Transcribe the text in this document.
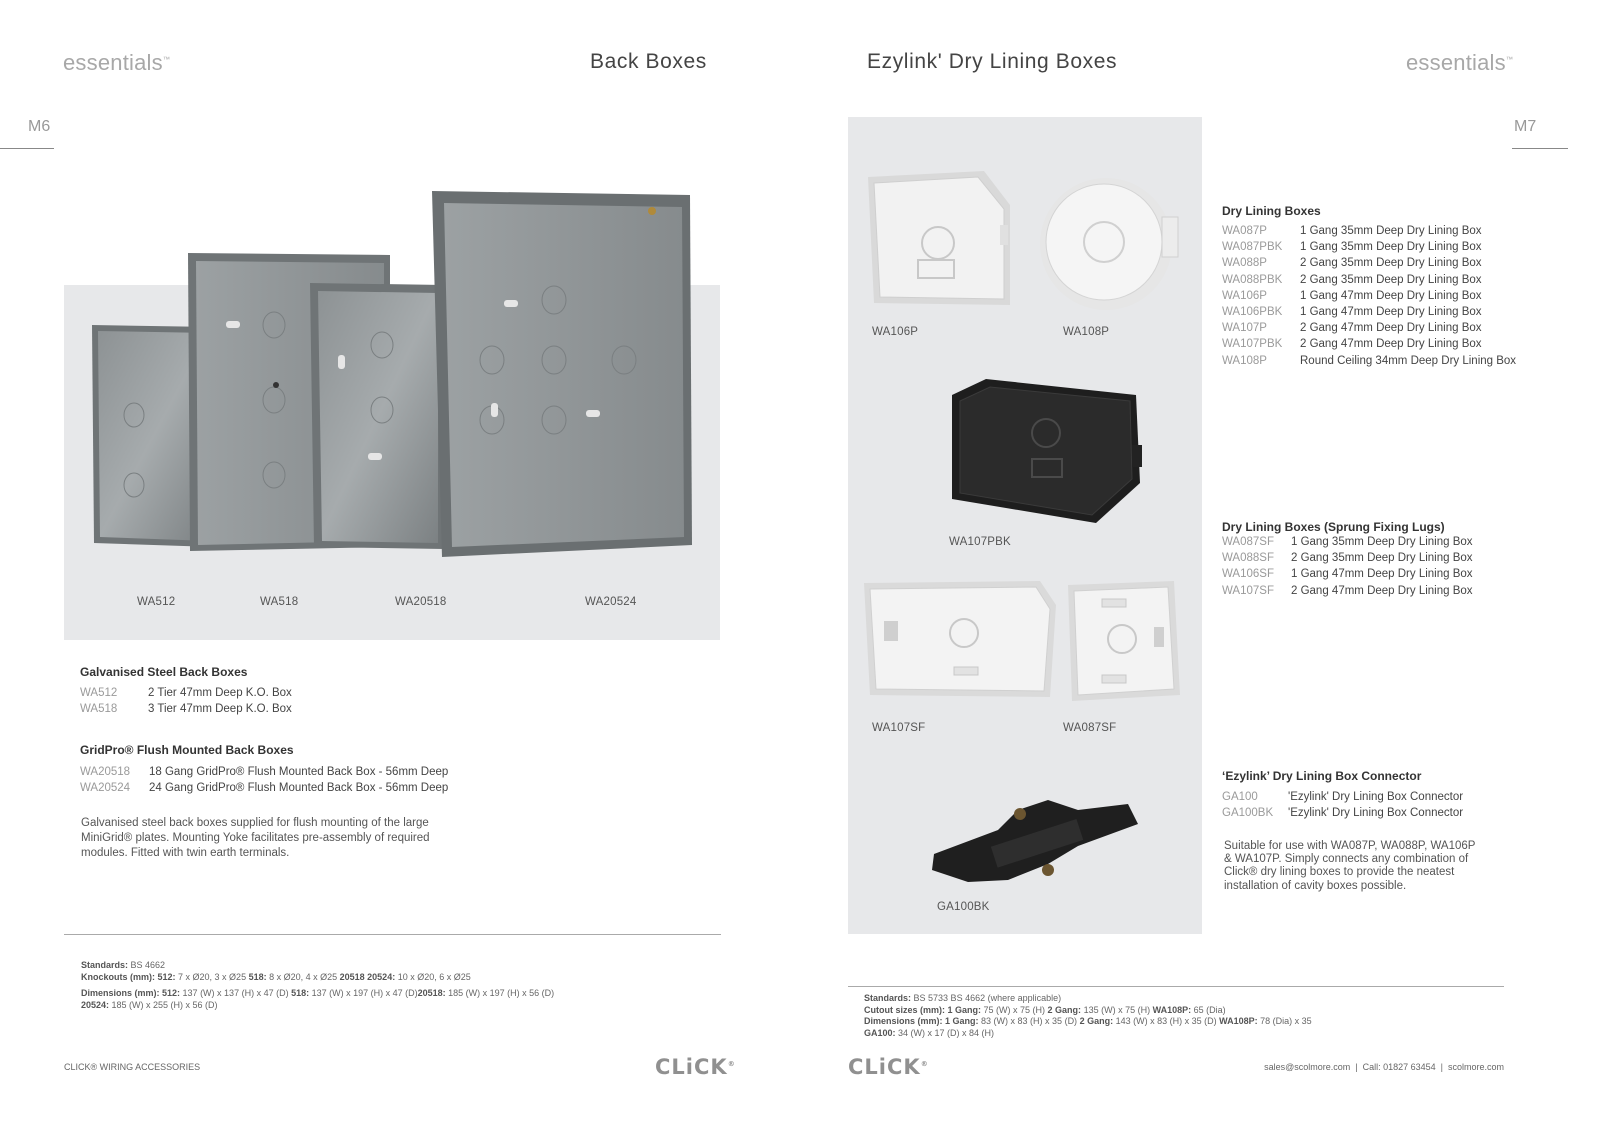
essentials™	Back Boxes
M6
WA512	WA518	WA20518	WA20524
Galvanised Steel Back Boxes
WA512	2 Tier 47mm Deep K.O. Box
WA518	3 Tier 47mm Deep K.O. Box
GridPro® Flush Mounted Back Boxes
WA20518 18 Gang GridPro® Flush Mounted Back Box - 56mm Deep
WA20524 24 Gang GridPro® Flush Mounted Back Box - 56mm Deep
Galvanised steel back boxes supplied for flush mounting of the large MiniGrid® plates. Mounting Yoke facilitates pre-assembly of required modules. Fitted with twin earth terminals.
Standards: BS 4662
Knockouts (mm): 512: 7 x Ø20, 3 x Ø25 518: 8 x Ø20, 4 x Ø25 20518 20524: 10 x Ø20, 6 x Ø25
Dimensions (mm): 512: 137 (W) x 137 (H) x 47 (D) 518: 137 (W) x 197 (H) x 47 (D)20518: 185 (W) x 197 (H) x 56 (D)
20524: 185 (W) x 255 (H) x 56 (D)
CLICK® WIRING ACCESSORIES	CLiCK®
Ezylink' Dry Lining Boxes	essentials™
M7
WA106P	WA108P
WA107PBK
WA107SF	WA087SF
GA100BK
Dry Lining Boxes
WA087P	1 Gang 35mm Deep Dry Lining Box
WA087PBK 1 Gang 35mm Deep Dry Lining Box
WA088P	2 Gang 35mm Deep Dry Lining Box
WA088PBK 2 Gang 35mm Deep Dry Lining Box
WA106P	1 Gang 47mm Deep Dry Lining Box
WA106PBK 1 Gang 47mm Deep Dry Lining Box
WA107P	2 Gang 47mm Deep Dry Lining Box
WA107PBK 2 Gang 47mm Deep Dry Lining Box
WA108P	Round Ceiling 34mm Deep Dry Lining Box
Dry Lining Boxes (Sprung Fixing Lugs)
WA087SF 1 Gang 35mm Deep Dry Lining Box
WA088SF 2 Gang 35mm Deep Dry Lining Box
WA106SF 1 Gang 47mm Deep Dry Lining Box
WA107SF 2 Gang 47mm Deep Dry Lining Box
‘Ezylink’ Dry Lining Box Connector
GA100	'Ezylink' Dry Lining Box Connector
GA100BK 'Ezylink' Dry Lining Box Connector
Suitable for use with WA087P, WA088P, WA106P & WA107P. Simply connects any combination of Click® dry lining boxes to provide the neatest installation of cavity boxes possible.
Standards: BS 5733 BS 4662 (where applicable)
Cutout sizes (mm): 1 Gang: 75 (W) x 75 (H) 2 Gang: 135 (W) x 75 (H) WA108P: 65 (Dia)
Dimensions (mm): 1 Gang: 83 (W) x 83 (H) x 35 (D) 2 Gang: 143 (W) x 83 (H) x 35 (D) WA108P: 78 (Dia) x 35
GA100: 34 (W) x 17 (D) x 84 (H)
CLiCK®	sales@scolmore.com  |  Call: 01827 63454  |  scolmore.com
